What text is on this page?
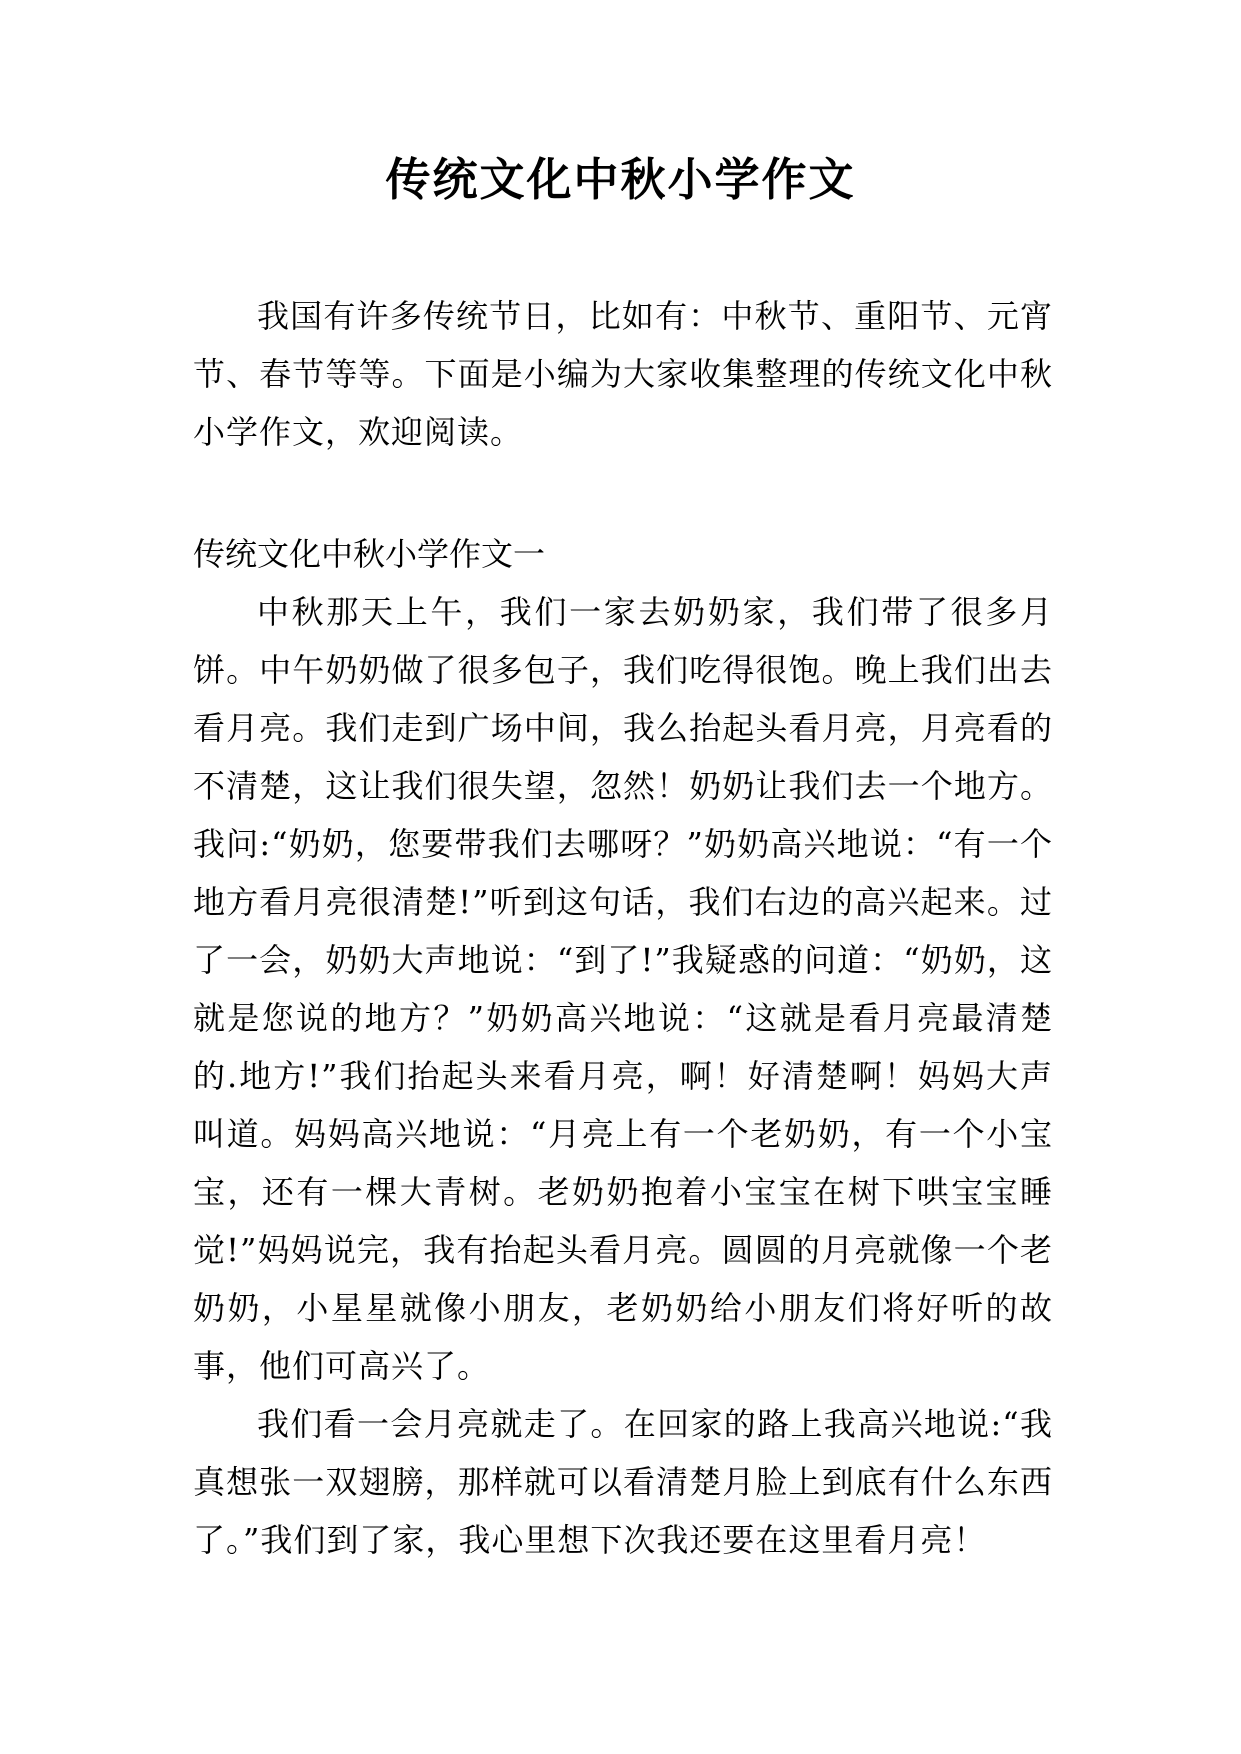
传统文化中秋小学作文

我国有许多传统节日，比如有：中秋节、重阳节、元宵节、春节等等。下面是小编为大家收集整理的传统文化中秋小学作文，欢迎阅读。

传统文化中秋小学作文一

中秋那天上午，我们一家去奶奶家，我们带了很多月饼。中午奶奶做了很多包子，我们吃得很饱。晚上我们出去看月亮。我们走到广场中间，我么抬起头看月亮，月亮看的不清楚，这让我们很失望，忽然！奶奶让我们去一个地方。我问:“奶奶，您要带我们去哪呀？”奶奶高兴地说：“有一个地方看月亮很清楚!”听到这句话，我们右边的高兴起来。过了一会，奶奶大声地说：“到了!”我疑惑的问道：“奶奶，这就是您说的地方？”奶奶高兴地说：“这就是看月亮最清楚的.地方!”我们抬起头来看月亮，啊！好清楚啊！妈妈大声叫道。妈妈高兴地说：“月亮上有一个老奶奶，有一个小宝宝，还有一棵大青树。老奶奶抱着小宝宝在树下哄宝宝睡觉!”妈妈说完，我有抬起头看月亮。圆圆的月亮就像一个老奶奶，小星星就像小朋友，老奶奶给小朋友们将好听的故事，他们可高兴了。

我们看一会月亮就走了。在回家的路上我高兴地说:“我真想张一双翅膀，那样就可以看清楚月脸上到底有什么东西了。”我们到了家，我心里想下次我还要在这里看月亮！
